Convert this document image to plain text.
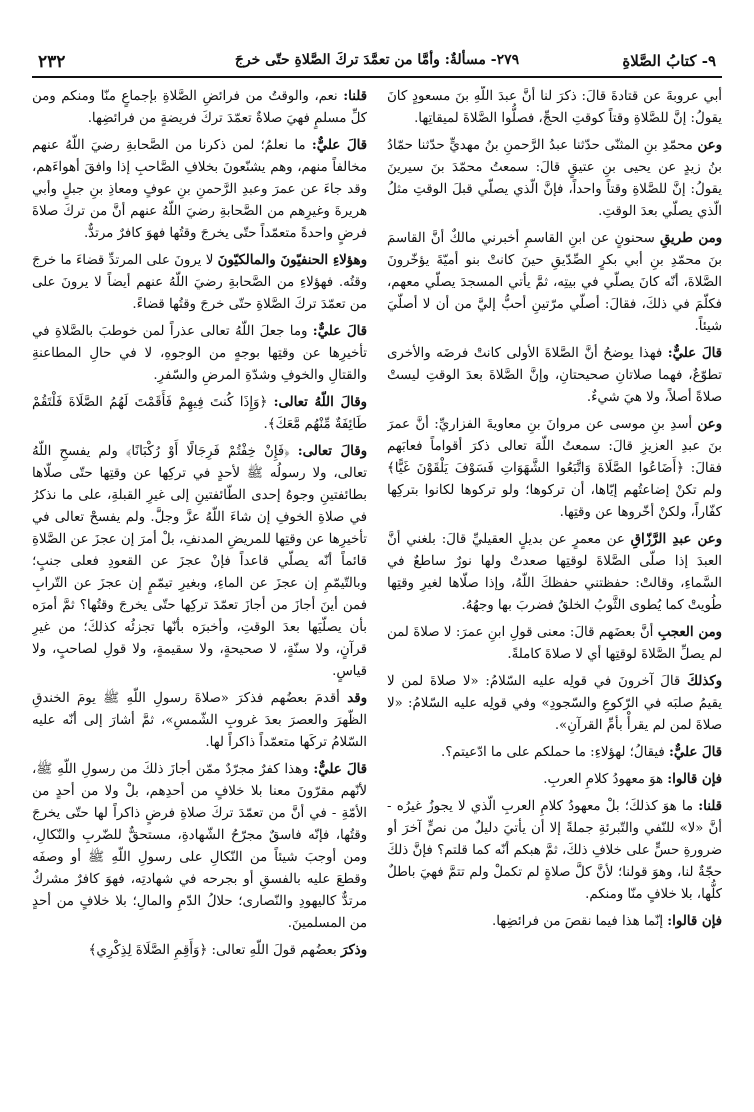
٩- كتابُ الصَّلاةِ
٢٧٩- مسألةٌ: وأمَّا من تعمَّدَ تركَ الصَّلاةِ حتّى خرجَ
٢٣٢

أبي عروبةَ عن قتادةَ قالَ: ذكرَ لنا أنَّ عبدَ اللّهِ بنَ مسعودٍ كانَ يقولُ: إنَّ للصَّلاةِ وقتاً كوقتِ الحجِّ، فصلُّوا الصَّلاةَ لميقاتِها.

وعن محمّدِ بنِ المثنّى حدّثنا عبدُ الرَّحمنِ بنُ مهديٍّ حدّثنا حمّادُ بنُ زيدٍ عن يحيى بنِ عتيقٍ قالَ: سمعتُ محمّدَ بنَ سيرينَ يقولُ: إنَّ للصَّلاةِ وقتاً واحداً، فإنَّ الّذي يصلّي قبلَ الوقتِ مثلُ الّذي يصلّي بعدَ الوقتِ.

ومن طريقِ سحنونٍ عن ابنِ القاسمِ أخبرني مالكٌ أنَّ القاسمَ بنَ محمّدِ بنِ أبي بكرٍ الصِّدّيقِ حينَ كانتْ بنو أميّةَ يؤخّرونَ الصَّلاةَ، أنّه كانَ يصلّي في بيتِه، ثمَّ يأتي المسجدَ يصلّي معهم، فكلّمَ في ذلكَ، فقالَ: أصلّي مرّتينِ أحبُّ إليَّ من أن لا أصلّيَ شيئاً.

قالَ عليٌّ: فهذا يوضحُ أنَّ الصَّلاةَ الأولى كانتْ فرضَه والأخرى تطوّعٌ، فهما صلاتانِ صحيحتانِ، وإنَّ الصَّلاةَ بعدَ الوقتِ ليستْ صلاةً أصلاً، ولا هيَ شيءٌ.

وعن أسدِ بنِ موسى عن مروانَ بنِ معاويةَ الفزاريِّ: أنَّ عمرَ بنَ عبدِ العزيزِ قالَ: سمعتُ اللّهَ تعالى ذكرَ أقواماً فعابَهم فقالَ: ﴿أَضَاعُوا الصَّلَاةَ وَاتَّبَعُوا الشَّهَوَاتِ فَسَوْفَ يَلْقَوْنَ غَيًّا﴾ ولم تكنْ إضاعتُهم إيّاها، أن تركوها؛ ولو تركوها لكانوا بتركِها كفّاراً، ولكنْ أخّروها عن وقتِها.

وعن عبدِ الرَّزّاقِ عن معمرٍ عن بديلٍ العقيليِّ قالَ: بلغني أنَّ العبدَ إذا صلّى الصَّلاةَ لوقتِها صعدتْ ولها نورٌ ساطعٌ في السَّماءِ، وقالتْ: حفظتني حفظكَ اللّهُ، وإذا صلّاها لغيرِ وقتِها طُويتْ كما يُطوى الثَّوبُ الخلقُ فضربَ بها وجهُهُ.

ومن العجبِ أنَّ بعضَهم قالَ: معنى قولِ ابنِ عمرَ: لا صلاةَ لمن لم يصلِّ الصَّلاةَ لوقتِها أي لا صلاةَ كاملةً.

وكذلكَ قالَ آخرونَ في قولِه عليه السّلامُ: «لا صلاةَ لمن لا يقيمُ صلبَه في الرّكوعِ والسّجودِ» وفي قولِه عليه السّلامُ: «لا صلاةَ لمن لم يقرأْ بأمِّ القرآنِ».

قالَ عليٌّ: فيقالُ؛ لهؤلاءِ: ما حملكم على ما ادّعيتم؟.

فإن قالوا: هوَ معهودُ كلامِ العربِ.

قلنا: ما هوَ كذلكَ؛ بلْ معهودُ كلامِ العربِ الّذي لا يجوزُ غيرُه - أنَّ «لا» للنّفي والتّبرئةِ جملةً إلا أن يأتيَ دليلٌ من نصٍّ آخرَ أو ضرورةِ حسٍّ على خلافِ ذلكَ، ثمَّ هبكم أنّه كما قلتم؟ فإنَّ ذلكَ حجّةٌ لنا، وهوَ قولنا؛ لأنَّ كلَّ صلاةٍ لم تكملْ ولم تتمَّ فهيَ باطلٌ كلُّها، بلا خلافٍ منّا ومنكم.

فإن قالوا: إنّما هذا فيما نقصَ من فرائضِها.

قلنا: نعم، والوقتُ من فرائضِ الصَّلاةِ بإجماعٍ منّا ومنكم ومن كلِّ مسلمٍ فهيَ صلاةٌ تعمّدَ تركَ فريضةٍ من فرائضِها.

قالَ عليٌّ: ما نعلمُ؛ لمن ذكرنا من الصَّحابةِ رضيَ اللّهُ عنهم مخالفاً منهم، وهم يشنّعونَ بخلافِ الصَّاحبِ إذا وافقَ أهواءَهم، وقد جاءَ عن عمرَ وعبدِ الرَّحمنِ بنِ عوفٍ ومعاذِ بنِ جبلٍ وأبي هريرةَ وغيرِهم من الصَّحابةِ رضيَ اللّهُ عنهم أنَّ من تركَ صلاةَ فرضٍ واحدةً متعمّداً حتّى يخرجَ وقتُها فهوَ كافرٌ مرتدٌّ.

وهؤلاءِ الحنفيّونَ والمالكيّونَ لا يرونَ على المرتدِّ قضاءَ ما خرجَ وقتُه. فهؤلاءِ من الصَّحابةِ رضيَ اللّهُ عنهم أيضاً لا يرونَ على من تعمّدَ تركَ الصَّلاةِ حتّى خرجَ وقتُها قضاءً.

قالَ عليٌّ: وما جعلَ اللّهُ تعالى عذراً لمن خوطبَ بالصَّلاةِ في تأخيرِها عن وقتِها بوجهٍ من الوجوهِ، لا في حالِ المطاعنةِ والقتالِ والخوفِ وشدّةِ المرضِ والسّفرِ.

وقالَ اللّهُ تعالى: ﴿وَإِذَا كُنتَ فِيهِمْ فَأَقَمْتَ لَهُمُ الصَّلَاةَ فَلْتَقُمْ طَائِفَةٌ مِّنْهُم مَّعَكَ﴾.

وقالَ تعالى: ﴿فَإِنْ خِفْتُمْ فَرِجَالًا أَوْ رُكْبَانًا﴾ ولم يفسحِ اللّهُ تعالى، ولا رسولُه ﷺ لأحدٍ في تركِها عن وقتِها حتّى صلّاها بطائفتينِ وجوهُ إحدى الطّائفتينِ إلى غيرِ القبلةِ، على ما نذكرُ في صلاةِ الخوفِ إن شاءَ اللّهُ عزَّ وجلَّ. ولم يفسحْ تعالى في تأخيرِها عن وقتِها للمريضِ المدنفِ، بلْ أمرَ إن عجزَ عن الصَّلاةِ قائماً أنّه يصلّي قاعداً فإنْ عجزَ عن القعودِ فعلى جنبٍ؛ وبالتّيمّمِ إن عجزَ عن الماءِ، وبغيرِ تيمّمٍ إن عجزَ عن التّرابِ فمن أينَ أجازَ من أجازَ تعمّدَ تركِها حتّى يخرجَ وقتُها؟ ثمَّ أمرَه بأن يصلّيَها بعدَ الوقتِ، وأخبرَه بأنّها تجزئُه كذلكَ؛ من غيرِ قرآنٍ، ولا سنّةٍ، لا صحيحةٍ، ولا سقيمةٍ، ولا قولِ لصاحبٍ، ولا قياسٍ.

وقد أقدمَ بعضُهم فذكرَ «صلاةَ رسولِ اللّهِ ﷺ يومَ الخندقِ الظّهرَ والعصرَ بعدَ غروبِ الشّمسِ»، ثمَّ أشارَ إلى أنّه عليه السّلامُ تركَها متعمّداً ذاكراً لها.

قالَ عليٌّ: وهذا كفرٌ مجرّدٌ ممّن أجازَ ذلكَ من رسولِ اللّهِ ﷺ، لأنّهم مقرّونَ معنا بلا خلافٍ من أحدِهم، بلْ ولا من أحدٍ من الأمّةِ - في أنَّ من تعمّدَ تركَ صلاةِ فرضٍ ذاكراً لها حتّى يخرجَ وقتُها، فإنّه فاسقٌ مجرّحُ الشّهادةِ، مستحقٌّ للضّربِ والنّكالِ، ومن أوجبَ شيئاً من النّكالِ على رسولِ اللّهِ ﷺ أو وصفَه وقطعَ عليه بالفسقِ أو بجرحه في شهادتِه، فهوَ كافرٌ مشركٌ مرتدٌّ كاليهودِ والنّصارى؛ حلالُ الدّمِ والمالِ؛ بلا خلافٍ من أحدٍ من المسلمينَ.

وذكرَ بعضُهم قولَ اللّهِ تعالى: ﴿وَأَقِمِ الصَّلَاةَ لِذِكْرِي﴾
